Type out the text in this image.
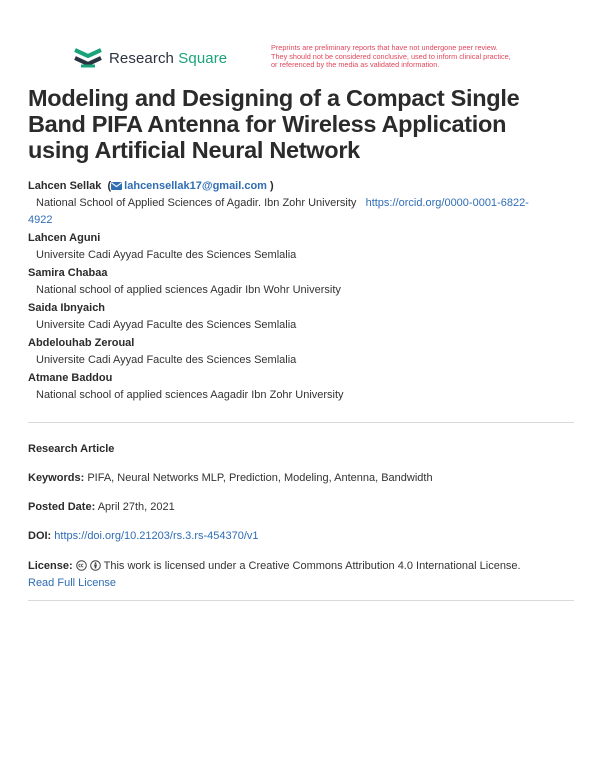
Research Square
Preprints are preliminary reports that have not undergone peer review.
They should not be considered conclusive, used to inform clinical practice,
or referenced by the media as validated information.
Modeling and Designing of a Compact Single Band PIFA Antenna for Wireless Application using Artificial Neural Network
Lahcen Sellak  ( lahcensellak17@gmail.com )
National School of Applied Sciences of Agadir. Ibn Zohr University https://orcid.org/0000-0001-6822-
4922
Lahcen Aguni
Universite Cadi Ayyad Faculte des Sciences Semlalia
Samira Chabaa
National school of applied sciences Agadir Ibn Wohr University
Saida Ibnyaich
Universite Cadi Ayyad Faculte des Sciences Semlalia
Abdelouhab Zeroual
Universite Cadi Ayyad Faculte des Sciences Semlalia
Atmane Baddou
National school of applied sciences Aagadir Ibn Zohr University
Research Article
Keywords: PIFA, Neural Networks MLP, Prediction, Modeling, Antenna, Bandwidth
Posted Date: April 27th, 2021
DOI: https://doi.org/10.21203/rs.3.rs-454370/v1
License:	This work is licensed under a Creative Commons Attribution 4.0 International License.
Read Full License
